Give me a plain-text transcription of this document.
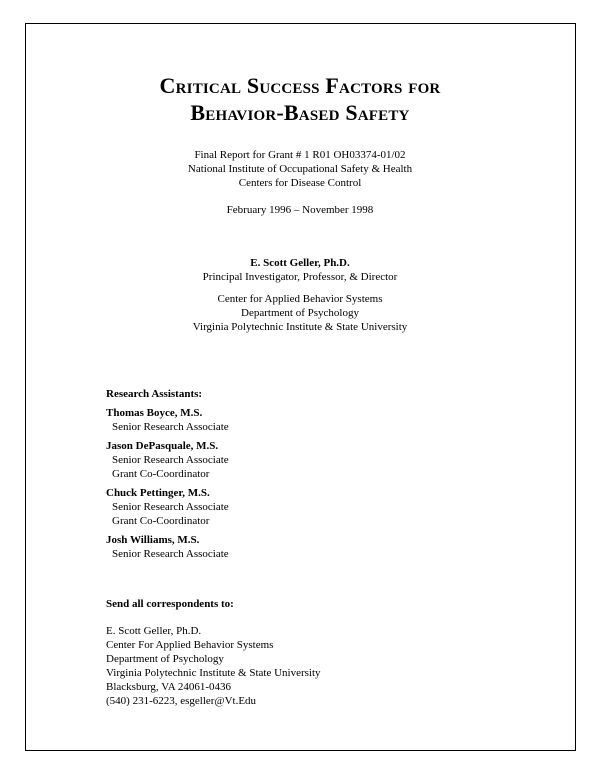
Critical Success Factors for
Behavior-Based Safety
Final Report for Grant # 1 R01 OH03374-01/02
National Institute of Occupational Safety & Health
Centers for Disease Control
February 1996 – November 1998
E. Scott Geller, Ph.D.
Principal Investigator, Professor, & Director
Center for Applied Behavior Systems
Department of Psychology
Virginia Polytechnic Institute & State University
Research Assistants:
Thomas Boyce, M.S.
Senior Research Associate
Jason DePasquale, M.S.
Senior Research Associate
Grant Co-Coordinator
Chuck Pettinger, M.S.
Senior Research Associate
Grant Co-Coordinator
Josh Williams, M.S.
Senior Research Associate
Send all correspondents to:
E. Scott Geller, Ph.D.
Center For Applied Behavior Systems
Department of Psychology
Virginia Polytechnic Institute & State University
Blacksburg, VA 24061-0436
(540) 231-6223, esgeller@Vt.Edu
